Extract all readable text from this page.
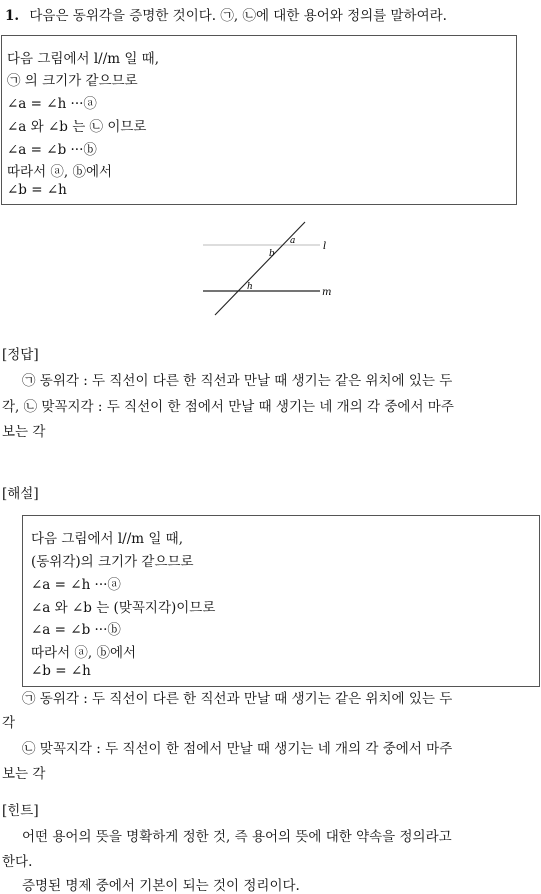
1. 다음은 동위각을 증명한 것이다. ㉠, ㉡에 대한 용어와 정의를 말하여라.
다음 그림에서 l//m 일 때,
㉠ 의 크기가 같으므로
∠a = ∠h ···ⓐ
∠a 와 ∠b 는 ㉡ 이므로
∠a = ∠b ···ⓑ
따라서 ⓐ, ⓑ에서
∠b = ∠h
l
m
a
b
h
[정답]
㉠ 동위각 : 두 직선이 다른 한 직선과 만날 때 생기는 같은 위치에 있는 두
각, ㉡ 맞꼭지각 : 두 직선이 한 점에서 만날 때 생기는 네 개의 각 중에서 마주
보는 각
[해설]
다음 그림에서 l//m 일 때,
(동위각)의 크기가 같으므로
∠a = ∠h ···ⓐ
∠a 와 ∠b 는 (맞꼭지각)이므로
∠a = ∠b ···ⓑ
따라서 ⓐ, ⓑ에서
∠b = ∠h
㉠ 동위각 : 두 직선이 다른 한 직선과 만날 때 생기는 같은 위치에 있는 두
각
㉡ 맞꼭지각 : 두 직선이 한 점에서 만날 때 생기는 네 개의 각 중에서 마주
보는 각
[힌트]
어떤 용어의 뜻을 명확하게 정한 것, 즉 용어의 뜻에 대한 약속을 정의라고
한다.
증명된 명제 중에서 기본이 되는 것이 정리이다.
